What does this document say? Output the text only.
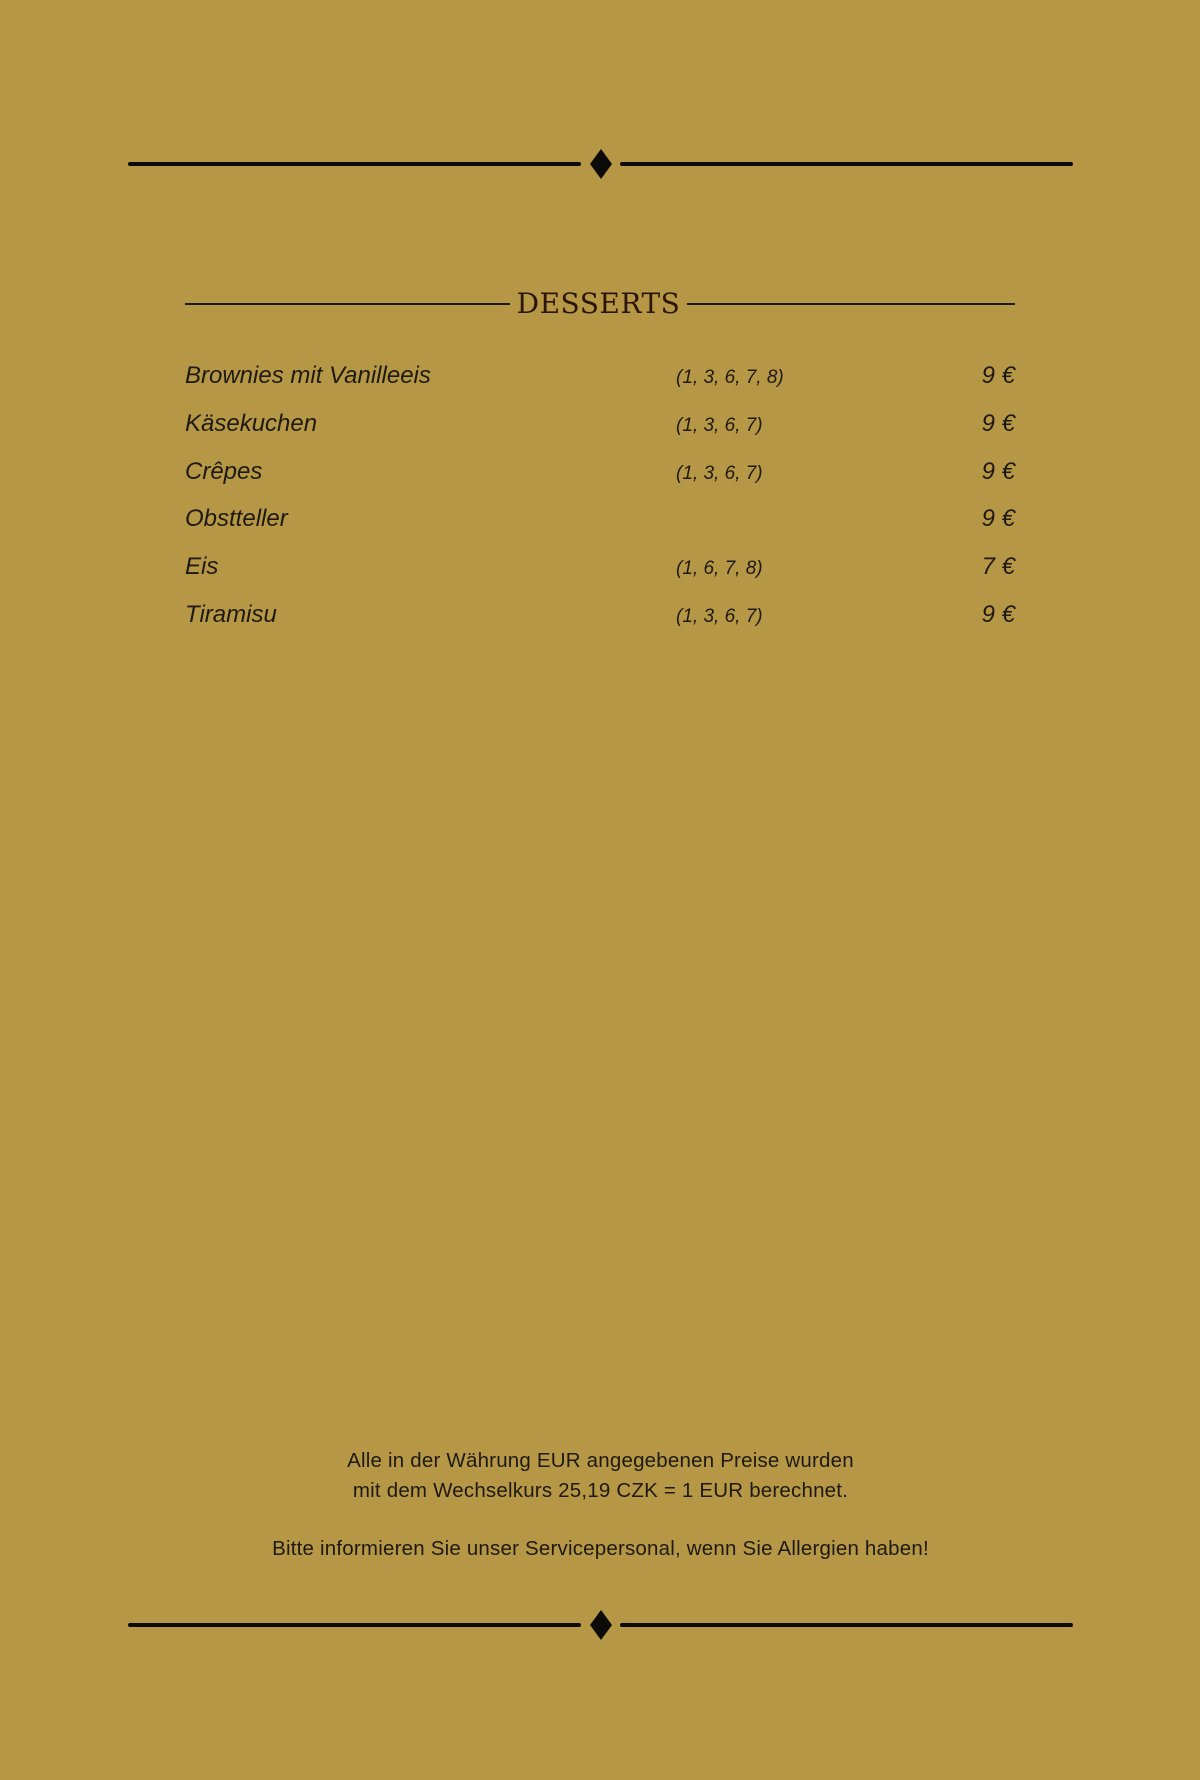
DESSERTS
Brownies mit Vanilleeis	(1, 3, 6, 7, 8)	9 €
Käsekuchen	(1, 3, 6, 7)	9 €
Crêpes	(1, 3, 6, 7)	9 €
Obstteller	9 €
Eis	(1, 6, 7, 8)	7 €
Tiramisu	(1, 3, 6, 7)	9 €
Alle in der Währung EUR angegebenen Preise wurden
mit dem Wechselkurs 25,19 CZK = 1 EUR berechnet.
Bitte informieren Sie unser Servicepersonal, wenn Sie Allergien haben!
